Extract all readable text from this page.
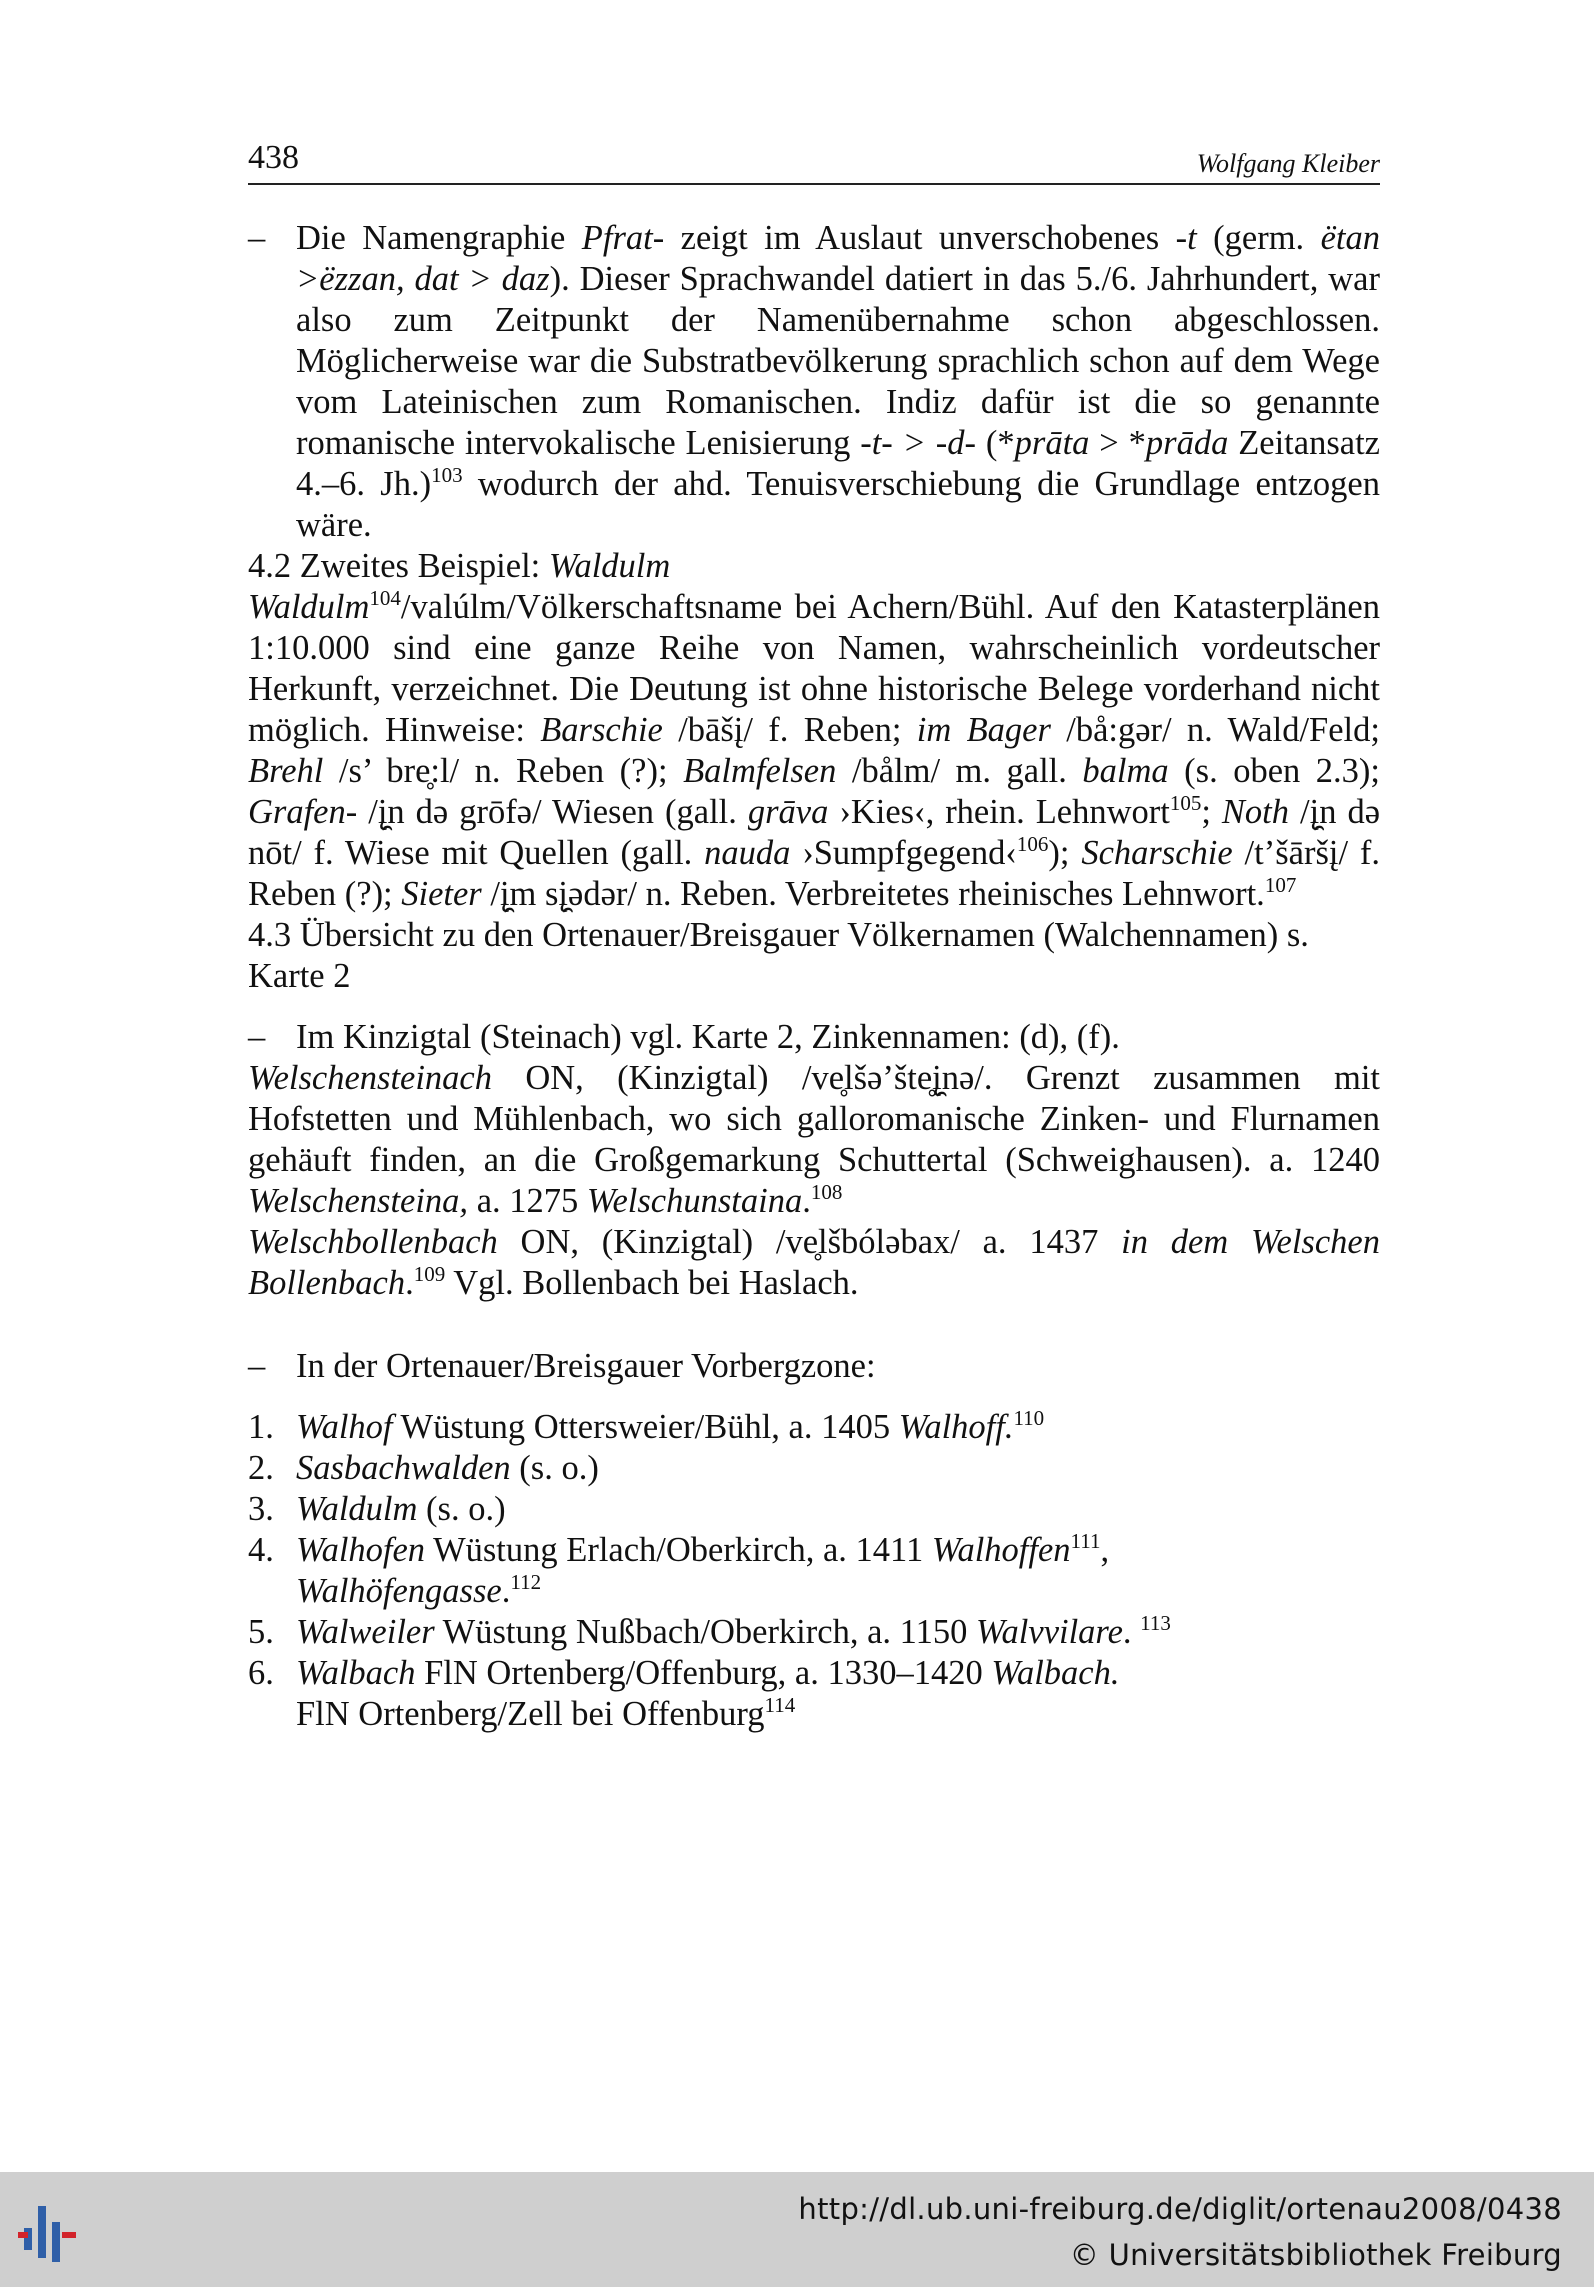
438	Wolfgang Kleiber
– Die Namengraphie Pfrat- zeigt im Auslaut unverschobenes -t (germ. ëtan >ëzzan, dat > daz). Dieser Sprachwandel datiert in das 5./6. Jahrhundert, war also zum Zeitpunkt der Namenübernahme schon abgeschlossen. Möglicherweise war die Substratbevölkerung sprachlich schon auf dem Wege vom Lateinischen zum Romanischen. Indiz dafür ist die so genannte romanische intervokalische Lenisierung -t- > -d- (*prāta > *prāda Zeitansatz 4.–6. Jh.)$^{103}$ wodurch der ahd. Tenuisverschiebung die Grundlage entzogen wäre.

4.2 Zweites Beispiel: Waldulm

Waldulm$^{104}$/valúlm/Völkerschaftsname bei Achern/Bühl. Auf den Katasterplänen 1:10.000 sind eine ganze Reihe von Namen, wahrscheinlich vordeutscher Herkunft, verzeichnet. Die Deutung ist ohne historische Belege vorderhand nicht möglich. Hinweise: Barschie /bāšį/ f. Reben; im Bager /bå:gər/ n. Wald/Feld; Brehl /s’ bre̥:l/ n. Reben (?); Balmfelsen /bålm/ m. gall. balma (s. oben 2.3); Grafen- /į̯n də grōfə/ Wiesen (gall. grāva ›Kies‹, rhein. Lehnwort$^{105}$; Noth /į̯n də nōt/ f. Wiese mit Quellen (gall. nauda ›Sumpfgegend‹$^{106}$); Scharschie /t’šāršį/ f. Reben (?); Sieter /į̯m sį̯ədər/ n. Reben. Verbreitetes rheinisches Lehnwort.$^{107}$

4.3 Übersicht zu den Ortenauer/Breisgauer Völkernamen (Walchennamen) s. Karte 2

– Im Kinzigtal (Steinach) vgl. Karte 2, Zinkennamen: (d), (f).

Welschensteinach ON, (Kinzigtal) /ve̥lšə’šte̥į̯nə/. Grenzt zusammen mit Hofstetten und Mühlenbach, wo sich galloromanische Zinken- und Flurnamen gehäuft finden, an die Großgemarkung Schuttertal (Schweighausen). a. 1240 Welschensteina, a. 1275 Welschunstaina.$^{108}$

Welschbollenbach ON, (Kinzigtal) /ve̥lšbóləbax/ a. 1437 in dem Welschen Bollenbach.$^{109}$ Vgl. Bollenbach bei Haslach.

– In der Ortenauer/Breisgauer Vorbergzone:

1. Walhof Wüstung Ottersweier/Bühl, a. 1405 Walhoff.$^{110}$
2. Sasbachwalden (s. o.)
3. Waldulm (s. o.)
4. Walhofen Wüstung Erlach/Oberkirch, a. 1411 Walhoffen$^{111}$,
Walhöfengasse.$^{112}$
5. Walweiler Wüstung Nußbach/Oberkirch, a. 1150 Walvvilare. $^{113}$
6. Walbach FlN Ortenberg/Offenburg, a. 1330–1420 Walbach.
FlN Ortenberg/Zell bei Offenburg$^{114}$
http://dl.ub.uni-freiburg.de/diglit/ortenau2008/0438
© Universitätsbibliothek Freiburg
